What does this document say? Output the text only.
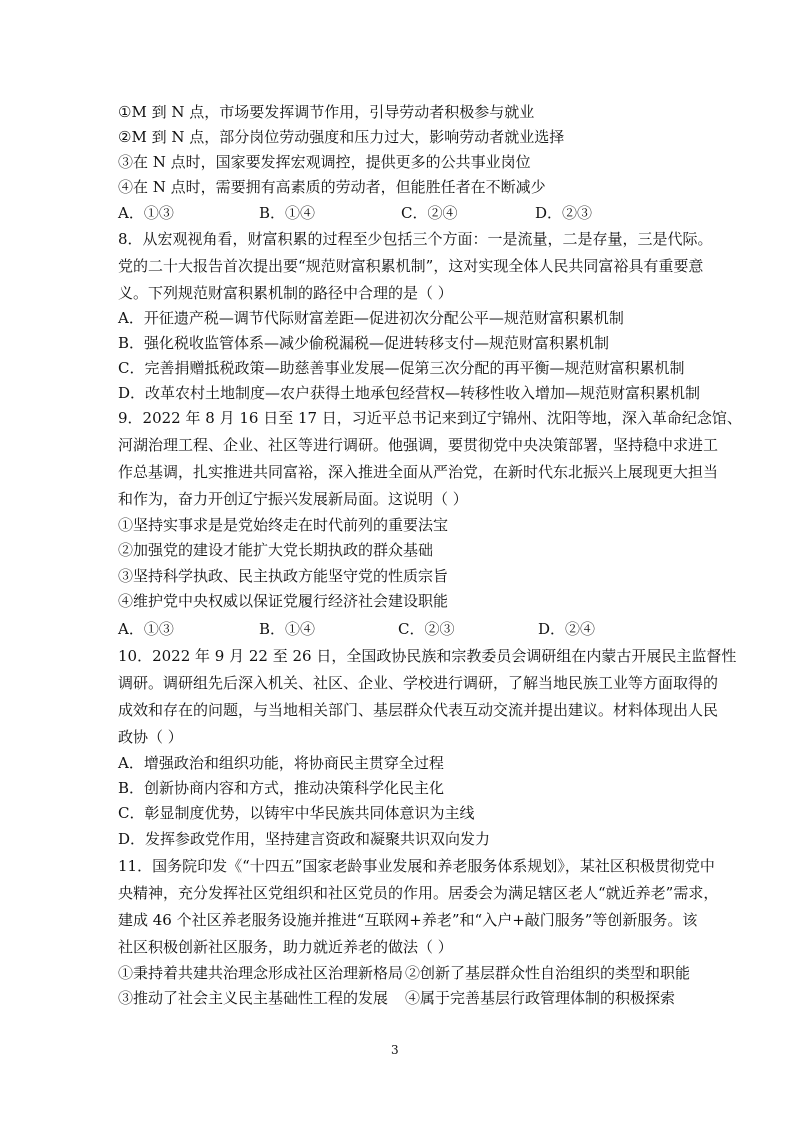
①M 到 N 点，市场要发挥调节作用，引导劳动者积极参与就业
②M 到 N 点，部分岗位劳动强度和压力过大，影响劳动者就业选择
③在 N 点时，国家要发挥宏观调控，提供更多的公共事业岗位
④在 N 点时，需要拥有高素质的劳动者，但能胜任者在不断减少
A．①③	B．①④	C．②④	D．②③
8．从宏观视角看，财富积累的过程至少包括三个方面：一是流量，二是存量，三是代际。
党的二十大报告首次提出要“规范财富积累机制”，这对实现全体人民共同富裕具有重要意
义。下列规范财富积累机制的路径中合理的是（ ）
A．开征遗产税—调节代际财富差距—促进初次分配公平—规范财富积累机制
B．强化税收监管体系—减少偷税漏税—促进转移支付—规范财富积累机制
C．完善捐赠抵税政策—助慈善事业发展—促第三次分配的再平衡—规范财富积累机制
D．改革农村土地制度—农户获得土地承包经营权—转移性收入增加—规范财富积累机制
9．2022 年 8 月 16 日至 17 日，习近平总书记来到辽宁锦州、沈阳等地，深入革命纪念馆、
河湖治理工程、企业、社区等进行调研。他强调，要贯彻党中央决策部署，坚持稳中求进工
作总基调，扎实推进共同富裕，深入推进全面从严治党，在新时代东北振兴上展现更大担当
和作为，奋力开创辽宁振兴发展新局面。这说明（ ）
①坚持实事求是是党始终走在时代前列的重要法宝
②加强党的建设才能扩大党长期执政的群众基础
③坚持科学执政、民主执政方能坚守党的性质宗旨
④维护党中央权威以保证党履行经济社会建设职能
A．①③	B．①④	C．②③	D．②④
10．2022 年 9 月 22 至 26 日，全国政协民族和宗教委员会调研组在内蒙古开展民主监督性
调研。调研组先后深入机关、社区、企业、学校进行调研，了解当地民族工业等方面取得的
成效和存在的问题，与当地相关部门、基层群众代表互动交流并提出建议。材料体现出人民
政协（ ）
A．增强政治和组织功能，将协商民主贯穿全过程
B．创新协商内容和方式，推动决策科学化民主化
C．彰显制度优势，以铸牢中华民族共同体意识为主线
D．发挥参政党作用，坚持建言资政和凝聚共识双向发力
11．国务院印发《“十四五”国家老龄事业发展和养老服务体系规划》，某社区积极贯彻党中
央精神，充分发挥社区党组织和社区党员的作用。居委会为满足辖区老人“就近养老”需求，
建成 46 个社区养老服务设施并推进“互联网+养老”和“入户+敲门服务”等创新服务。该
社区积极创新社区服务，助力就近养老的做法（ ）
①秉持着共建共治理念形成社区治理新格局 ②创新了基层群众性自治组织的类型和职能
③推动了社会主义民主基础性工程的发展 ④属于完善基层行政管理体制的积极探索
3
